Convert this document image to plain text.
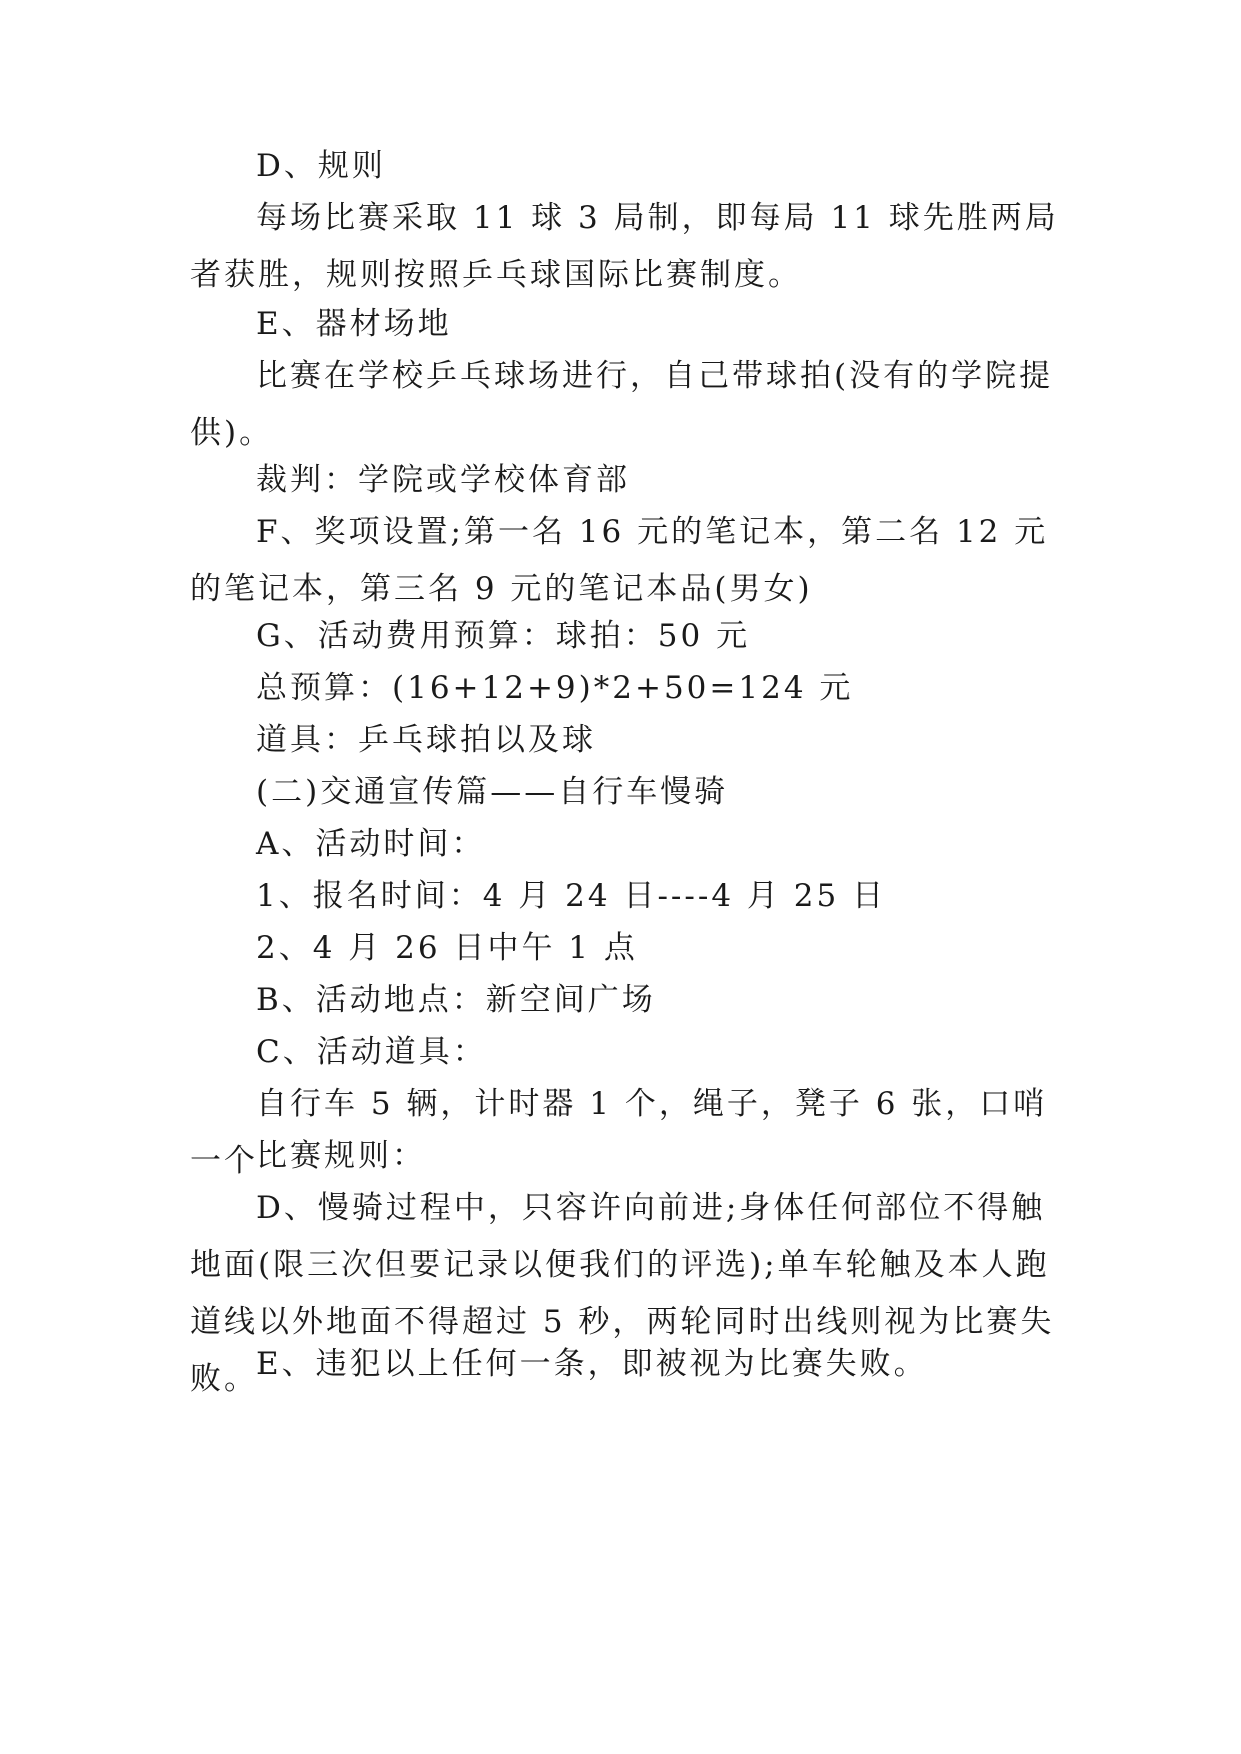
D、规则

每场比赛采取 11 球 3 局制，即每局 11 球先胜两局者获胜，规则按照乒乓球国际比赛制度。

E、器材场地

比赛在学校乒乓球场进行，自己带球拍(没有的学院提供)。

裁判：学院或学校体育部

F、奖项设置;第一名 16 元的笔记本，第二名 12 元的笔记本，第三名 9 元的笔记本品(男女)

G、活动费用预算：球拍：50 元

总预算：(16+12+9)*2+50=124 元

道具：乒乓球拍以及球

(二)交通宣传篇——自行车慢骑

A、活动时间：

1、报名时间：4 月 24 日----4 月 25 日

2、4 月 26 日中午 1 点

B、活动地点：新空间广场

C、活动道具：

自行车 5 辆，计时器 1 个，绳子，凳子 6 张，口哨一个

比赛规则：

D、慢骑过程中，只容许向前进;身体任何部位不得触地面(限三次但要记录以便我们的评选);单车轮触及本人跑道线以外地面不得超过 5 秒，两轮同时出线则视为比赛失败。

E、违犯以上任何一条，即被视为比赛失败。
